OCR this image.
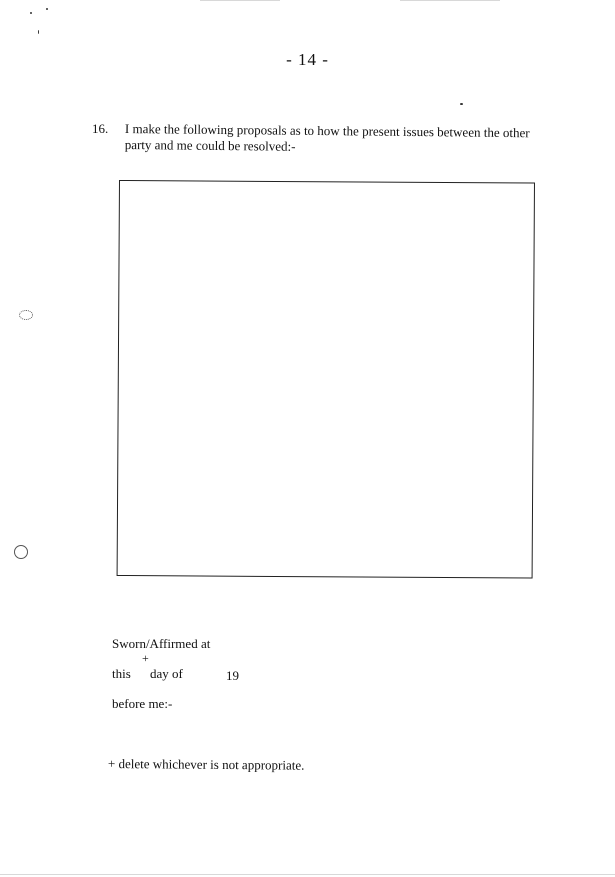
- 14 -
16. I make the following proposals as to how the present issues between the other party and me could be resolved:-
Sworn/Affirmed at
+
this day of	19
before me:-
+ delete whichever is not appropriate.
